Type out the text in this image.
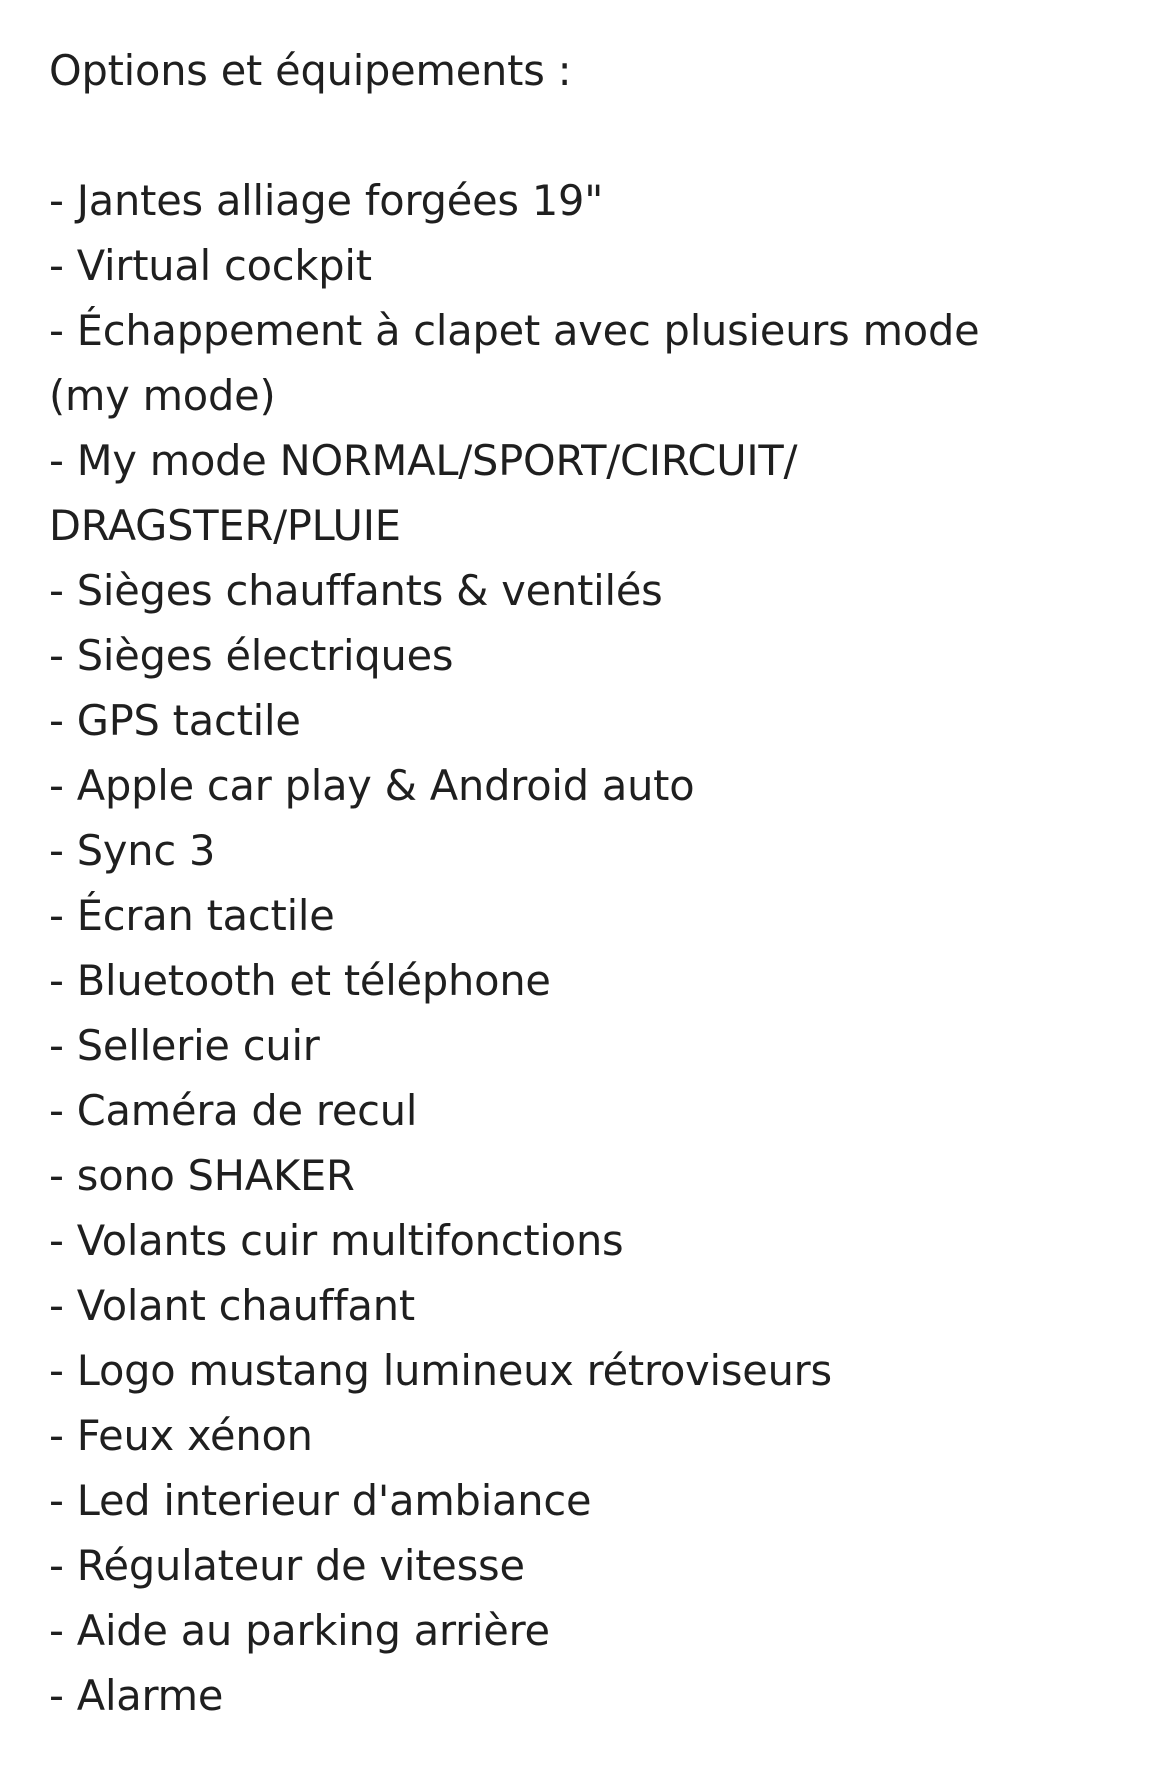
Options et équipements :
- Jantes alliage forgées 19"
- Virtual cockpit
- Échappement à clapet avec plusieurs mode
(my mode)
- My mode NORMAL/SPORT/CIRCUIT/
DRAGSTER/PLUIE
- Sièges chauffants & ventilés
- Sièges électriques
- GPS tactile
- Apple car play & Android auto
- Sync 3
- Écran tactile
- Bluetooth et téléphone
- Sellerie cuir
- Caméra de recul
- sono SHAKER
- Volants cuir multifonctions
- Volant chauffant
- Logo mustang lumineux rétroviseurs
- Feux xénon
- Led interieur d'ambiance
- Régulateur de vitesse
- Aide au parking arrière
- Alarme
